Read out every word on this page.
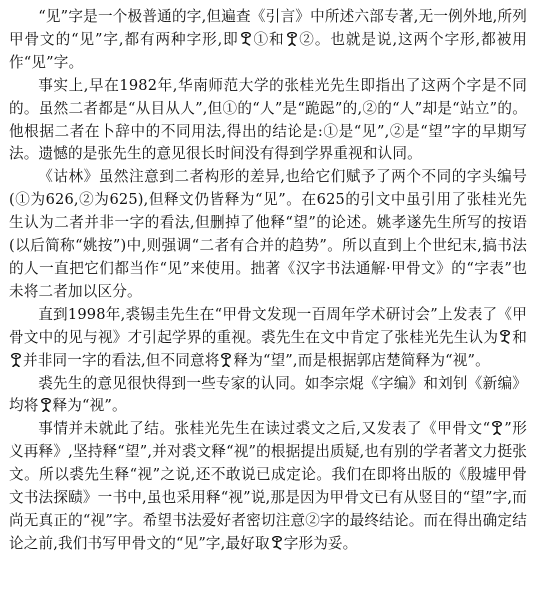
“见”字是一个极普通的字,但遍查《引言》中所述六部专著,无一例外地,所列甲骨文的“见”字,都有两种字形,即 ①和 ②。也就是说,这两个字形,都被用作“见”字。

事实上,早在1982年,华南师范大学的张桂光先生即指出了这两个字是不同的。虽然二者都是“从目从人”,但①的“人”是“跪跽”的,②的“人”却是“站立”的。他根据二者在卜辞中的不同用法,得出的结论是:①是“见”,②是“望”字的早期写法。遗憾的是张先生的意见很长时间没有得到学界重视和认同。

《诂林》虽然注意到二者构形的差异,也给它们赋予了两个不同的字头编号(①为626,②为625),但释文仍皆释为“见”。在625的引文中虽引用了张桂光先生认为二者并非一字的看法,但删掉了他释“望”的论述。姚孝遂先生所写的按语(以后简称“姚按”)中,则强调“二者有合并的趋势”。所以直到上个世纪末,搞书法的人一直把它们都当作“见”来使用。拙著《汉字书法通解·甲骨文》的“字表”也未将二者加以区分。

直到1998年,裘锡圭先生在“甲骨文发现一百周年学术研讨会”上发表了《甲骨文中的见与视》才引起学界的重视。裘先生在文中肯定了张桂光先生认为 和
并非同一字的看法,但不同意将 释为“望”,而是根据郭店楚简释为“视”。

裘先生的意见很快得到一些专家的认同。如李宗焜《字编》和刘钊《新编》均将 释为“视”。

事情并未就此了结。张桂光先生在读过裘文之后,又发表了《甲骨文“ ”形义再释》,坚持释“望”,并对裘文释“视”的根据提出质疑,也有别的学者著文力挺张文。所以裘先生释“视”之说,还不敢说已成定论。我们在即将出版的《殷墟甲骨文书法探赜》一书中,虽也采用释“视”说,那是因为甲骨文已有从竖目的“望”字,而尚无真正的“视”字。希望书法爱好者密切注意②字的最终结论。而在得出确定结论之前,我们书写甲骨文的“见”字,最好取 字形为妥。
